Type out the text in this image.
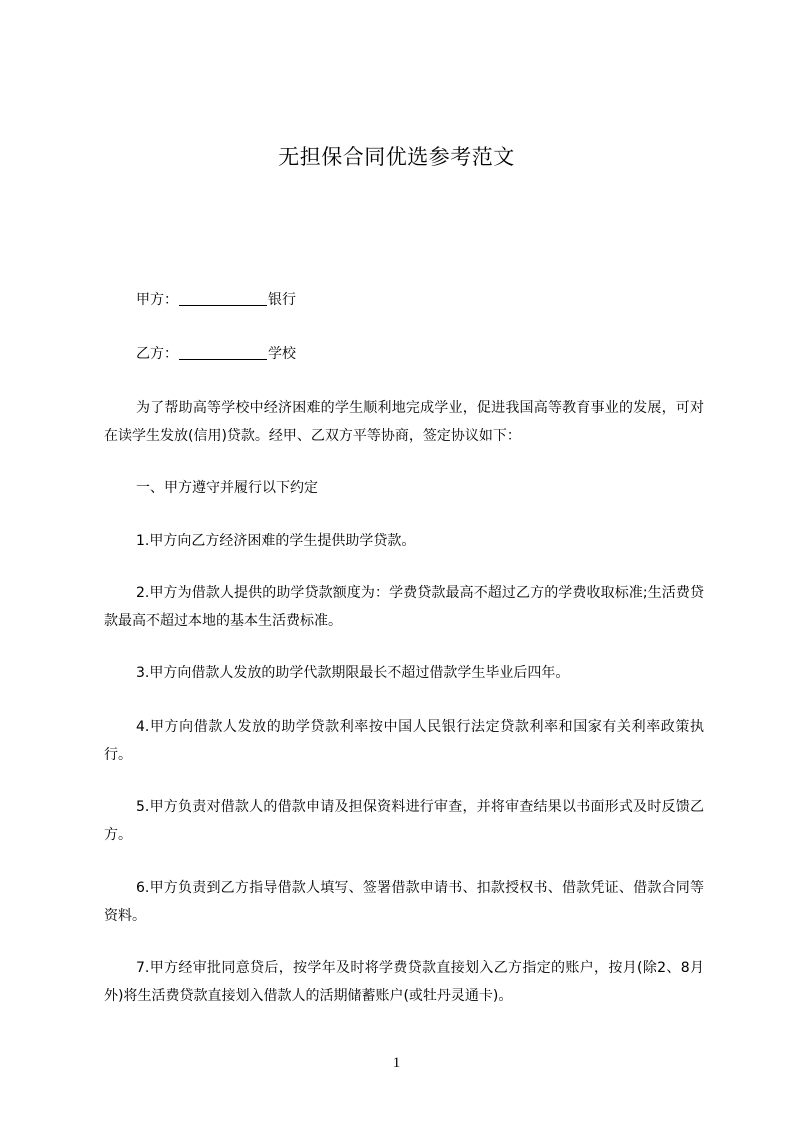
无担保合同优选参考范文
甲方：	银行
乙方：	学校
为了帮助高等学校中经济困难的学生顺利地完成学业，促进我国高等教育事业的发展，可对在读学生发放(信用)贷款。经甲、乙双方平等协商，签定协议如下：
一、甲方遵守并履行以下约定
1.甲方向乙方经济困难的学生提供助学贷款。
2.甲方为借款人提供的助学贷款额度为：学费贷款最高不超过乙方的学费收取标准;生活费贷款最高不超过本地的基本生活费标准。
3.甲方向借款人发放的助学代款期限最长不超过借款学生毕业后四年。
4.甲方向借款人发放的助学贷款利率按中国人民银行法定贷款利率和国家有关利率政策执行。
5.甲方负责对借款人的借款申请及担保资料进行审查，并将审查结果以书面形式及时反馈乙方。
6.甲方负责到乙方指导借款人填写、签署借款申请书、扣款授权书、借款凭证、借款合同等资料。
7.甲方经审批同意贷后，按学年及时将学费贷款直接划入乙方指定的账户，按月(除2、8月外)将生活费贷款直接划入借款人的活期储蓄账户(或牡丹灵通卡)。
1
